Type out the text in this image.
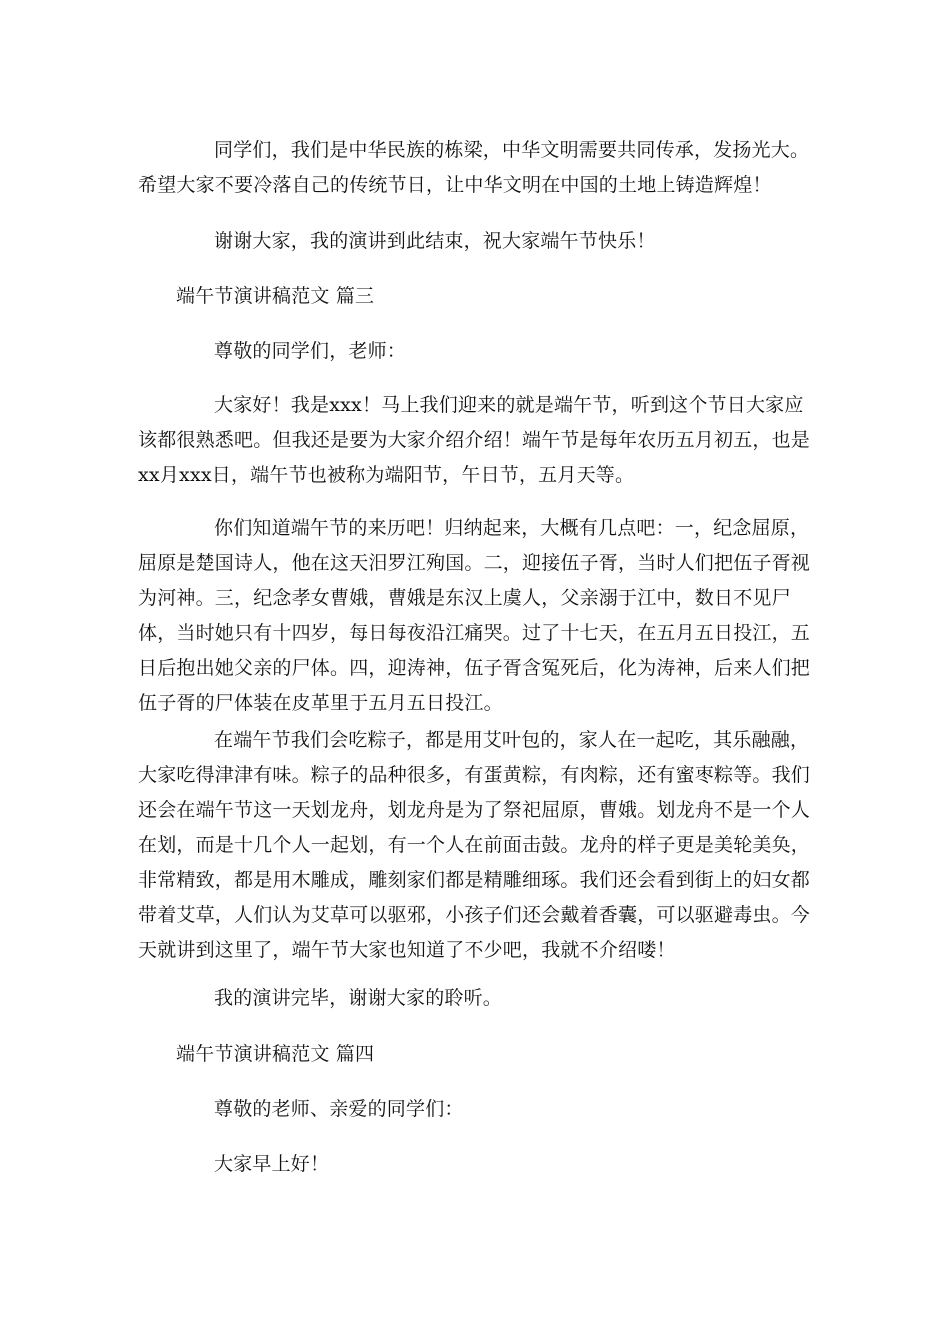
同学们，我们是中华民族的栋梁，中华文明需要共同传承，发扬光大。希望大家不要冷落自己的传统节日，让中华文明在中国的土地上铸造辉煌！

谢谢大家，我的演讲到此结束，祝大家端午节快乐！

端午节演讲稿范文 篇三

尊敬的同学们，老师：

大家好！我是xxx！马上我们迎来的就是端午节，听到这个节日大家应该都很熟悉吧。但我还是要为大家介绍介绍！端午节是每年农历五月初五，也是xx月xxx日，端午节也被称为端阳节，午日节，五月天等。

你们知道端午节的来历吧！归纳起来，大概有几点吧：一，纪念屈原，屈原是楚国诗人，他在这天汨罗江殉国。二，迎接伍子胥，当时人们把伍子胥视为河神。三，纪念孝女曹娥，曹娥是东汉上虞人，父亲溺于江中，数日不见尸体，当时她只有十四岁，每日每夜沿江痛哭。过了十七天，在五月五日投江，五日后抱出她父亲的尸体。四，迎涛神，伍子胥含冤死后，化为涛神，后来人们把伍子胥的尸体装在皮革里于五月五日投江。

在端午节我们会吃粽子，都是用艾叶包的，家人在一起吃，其乐融融，大家吃得津津有味。粽子的品种很多，有蛋黄粽，有肉粽，还有蜜枣粽等。我们还会在端午节这一天划龙舟，划龙舟是为了祭祀屈原，曹娥。划龙舟不是一个人在划，而是十几个人一起划，有一个人在前面击鼓。龙舟的样子更是美轮美奂，非常精致，都是用木雕成，雕刻家们都是精雕细琢。我们还会看到街上的妇女都带着艾草，人们认为艾草可以驱邪，小孩子们还会戴着香囊，可以驱避毒虫。今天就讲到这里了，端午节大家也知道了不少吧，我就不介绍喽！

我的演讲完毕，谢谢大家的聆听。

端午节演讲稿范文 篇四

尊敬的老师、亲爱的同学们：

大家早上好！
